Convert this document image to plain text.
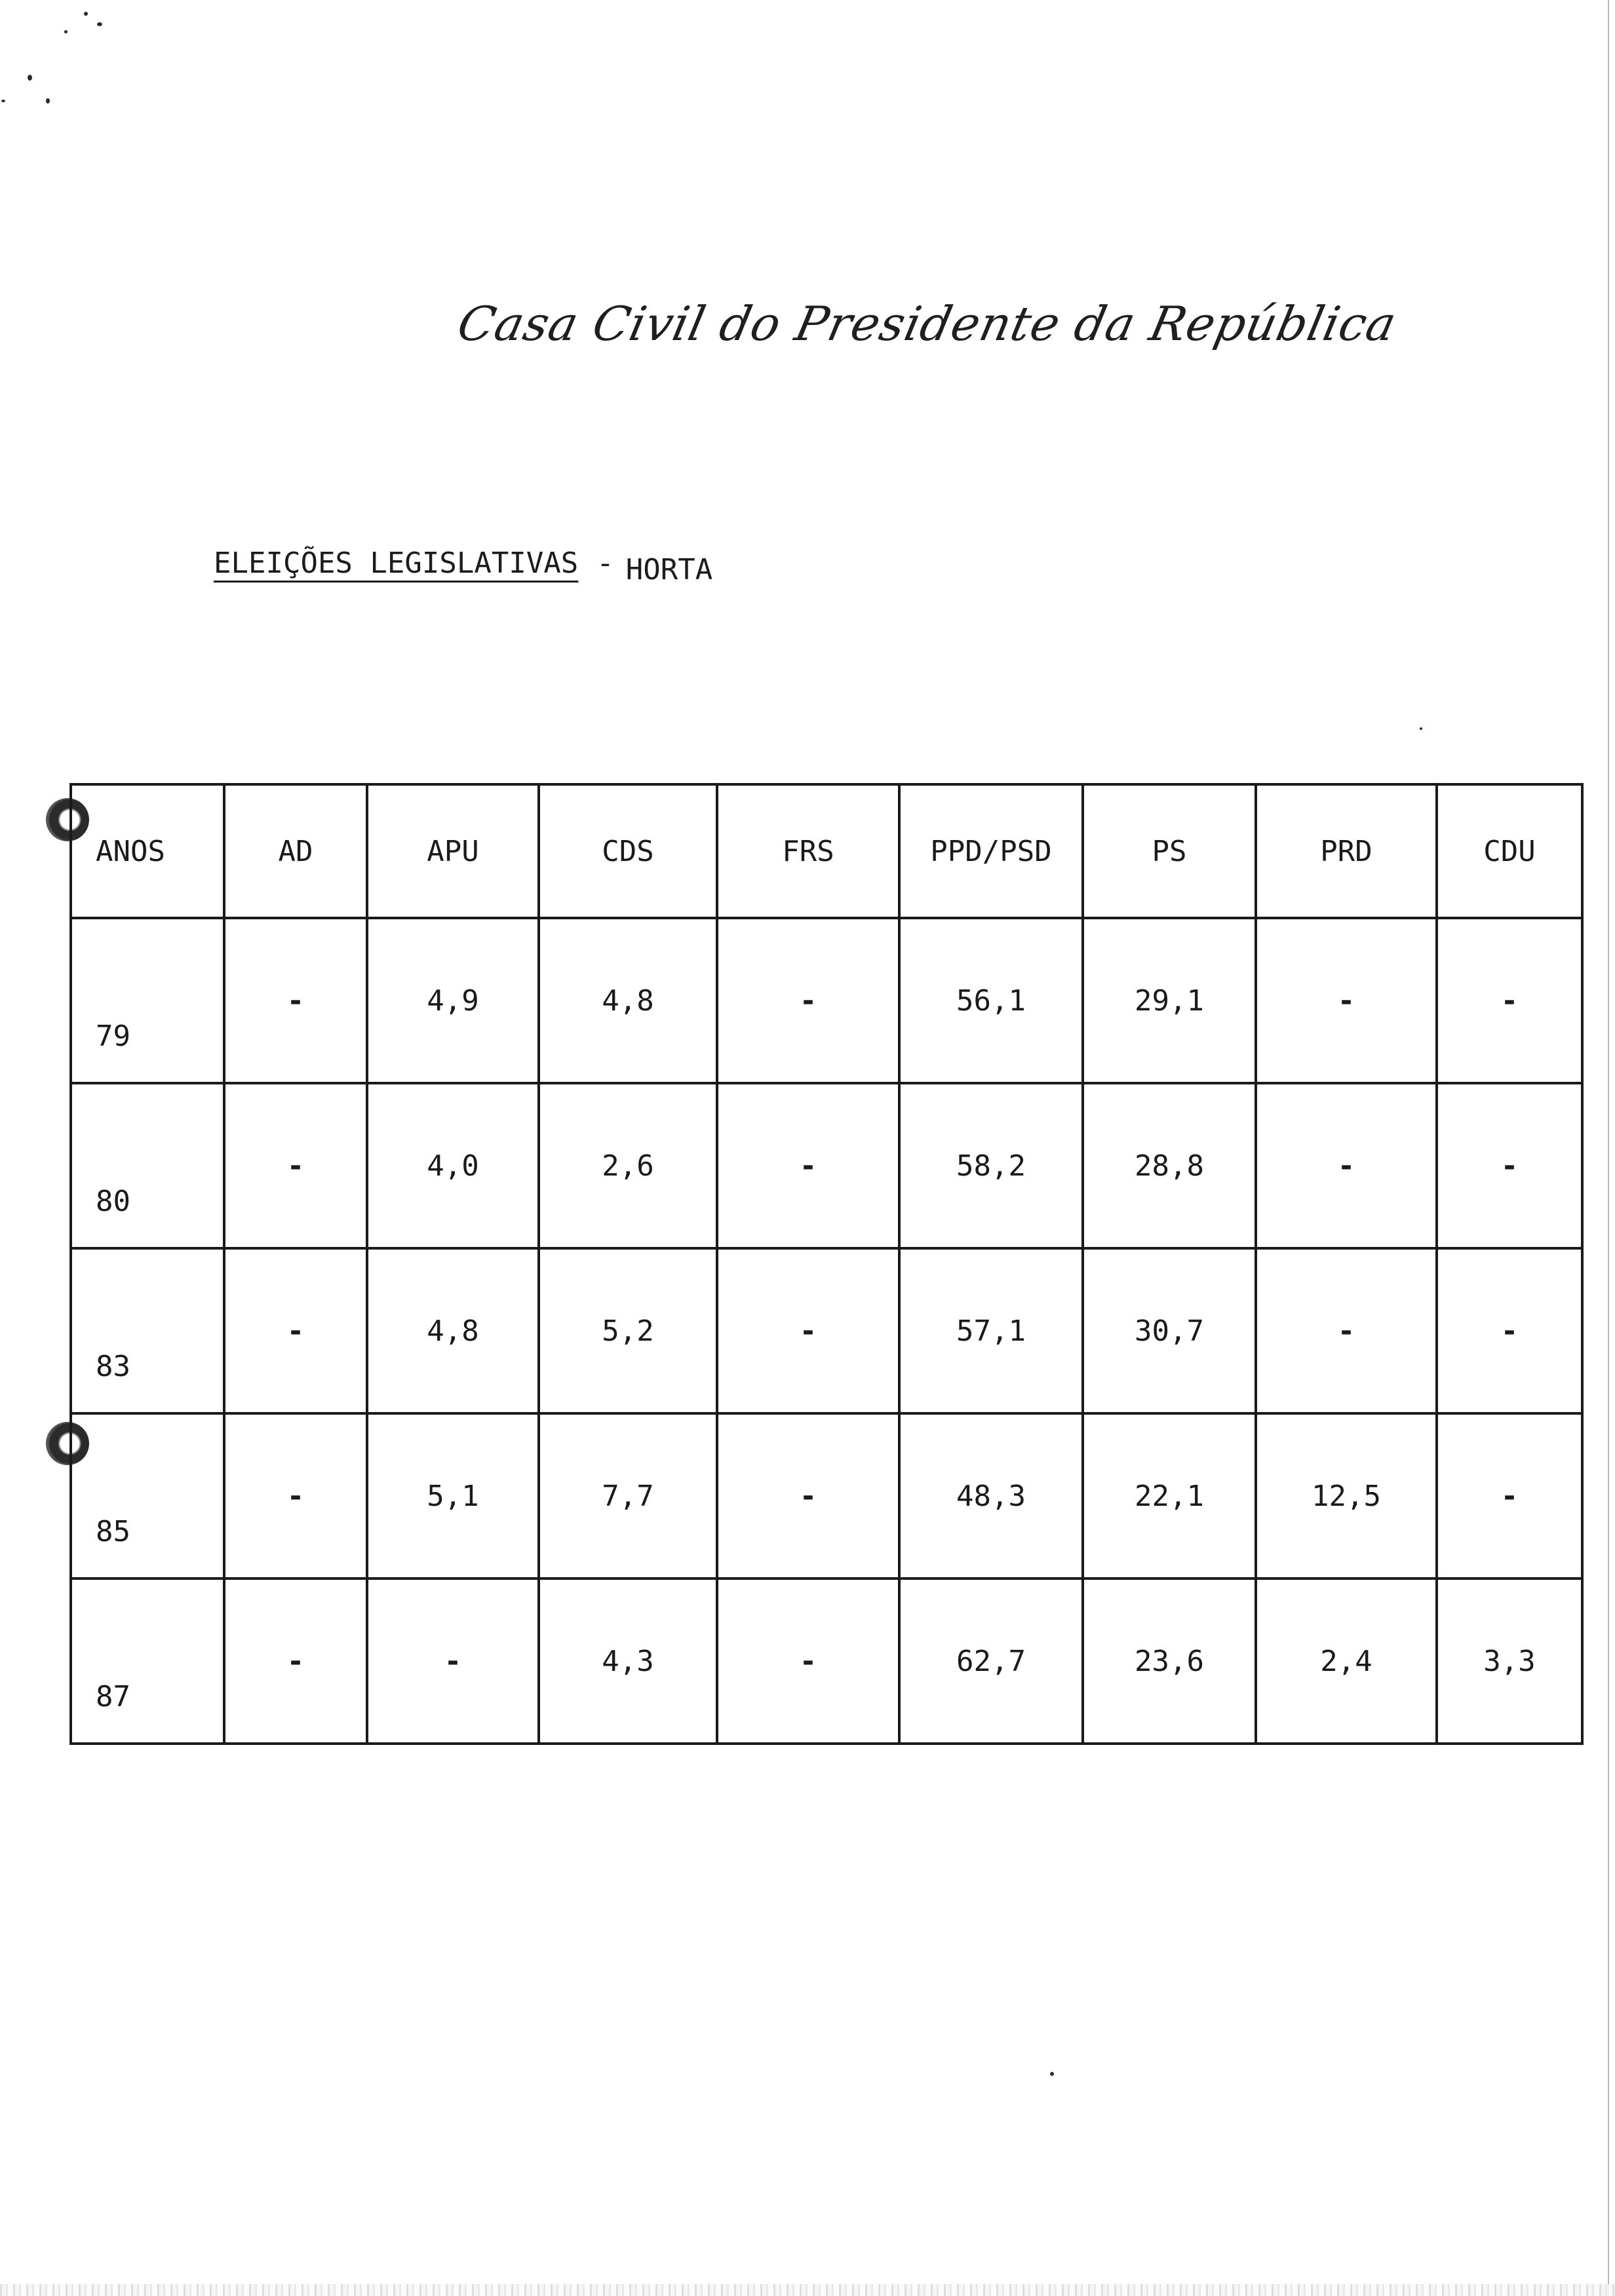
Casa Civil do Presidente da República
ELEIÇÕES LEGISLATIVAS - HORTA
ANOS	AD	APU	CDS	FRS	PPD/PSD	PS	PRD	CDU
79	-	4,9	4,8	-	56,1	29,1	-	-
80	-	4,0	2,6	-	58,2	28,8	-	-
83	-	4,8	5,2	-	57,1	30,7	-	-
85	-	5,1	7,7	-	48,3	22,1	12,5	-
87	-	-	4,3	-	62,7	23,6	2,4	3,3
